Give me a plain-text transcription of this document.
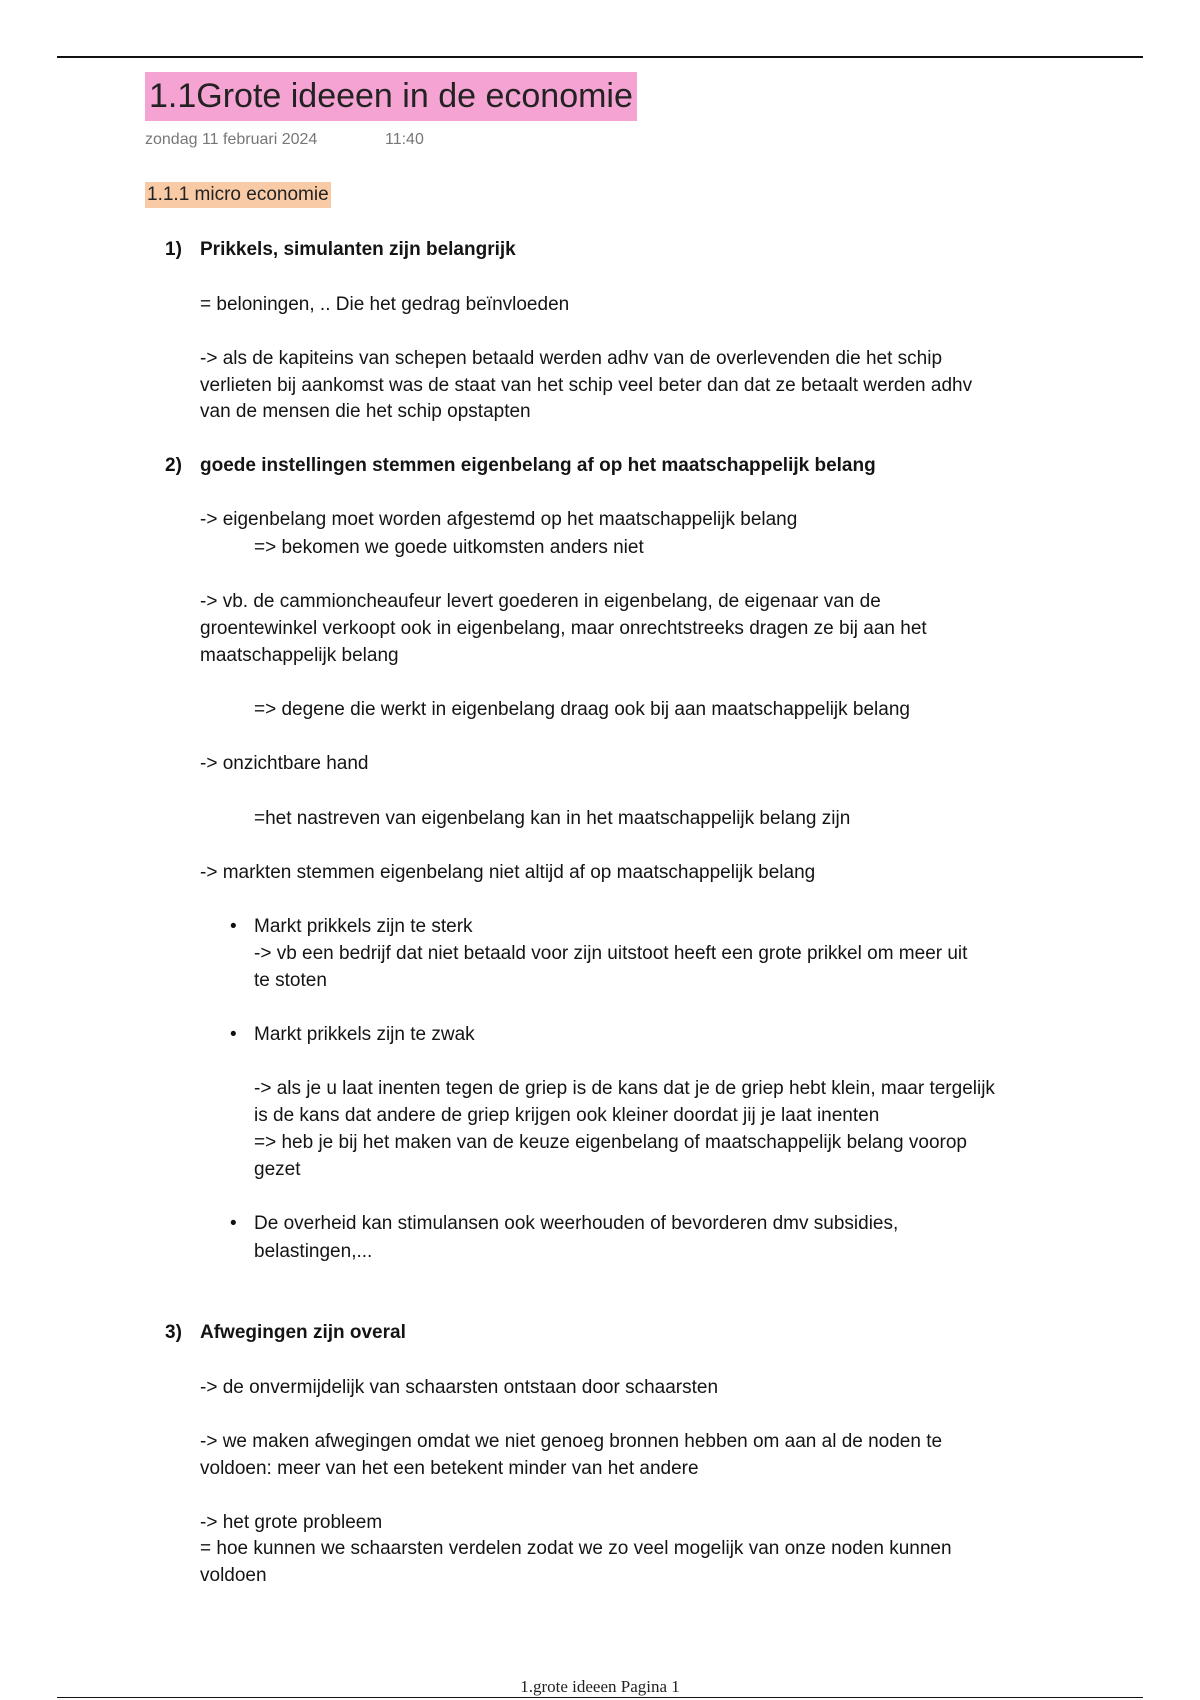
1.1Grote ideeen in de economie
zondag 11 februari 2024	11:40
1.1.1 micro economie
1) Prikkels, simulanten zijn belangrijk
= beloningen, .. Die het gedrag beïnvloeden
-> als de kapiteins van schepen betaald werden adhv van de overlevenden die het schip
verlieten bij aankomst was de staat van het schip veel beter dan dat ze betaalt werden adhv
van de mensen die het schip opstapten
2) goede instellingen stemmen eigenbelang af op het maatschappelijk belang
-> eigenbelang moet worden afgestemd op het maatschappelijk belang
=> bekomen we goede uitkomsten anders niet
-> vb. de cammioncheaufeur levert goederen in eigenbelang, de eigenaar van de
groentewinkel verkoopt ook in eigenbelang, maar onrechtstreeks dragen ze bij aan het
maatschappelijk belang
=> degene die werkt in eigenbelang draag ook bij aan maatschappelijk belang
-> onzichtbare hand
=het nastreven van eigenbelang kan in het maatschappelijk belang zijn
-> markten stemmen eigenbelang niet altijd af op maatschappelijk belang
• Markt prikkels zijn te sterk
-> vb een bedrijf dat niet betaald voor zijn uitstoot heeft een grote prikkel om meer uit
te stoten
• Markt prikkels zijn te zwak
-> als je u laat inenten tegen de griep is de kans dat je de griep hebt klein, maar tergelijk
is de kans dat andere de griep krijgen ook kleiner doordat jij je laat inenten
=> heb je bij het maken van de keuze eigenbelang of maatschappelijk belang voorop
gezet
• De overheid kan stimulansen ook weerhouden of bevorderen dmv subsidies,
belastingen,...
3) Afwegingen zijn overal
-> de onvermijdelijk van schaarsten ontstaan door schaarsten
-> we maken afwegingen omdat we niet genoeg bronnen hebben om aan al de noden te
voldoen: meer van het een betekent minder van het andere
-> het grote probleem
= hoe kunnen we schaarsten verdelen zodat we zo veel mogelijk van onze noden kunnen
voldoen
1.grote ideeen Pagina 1
